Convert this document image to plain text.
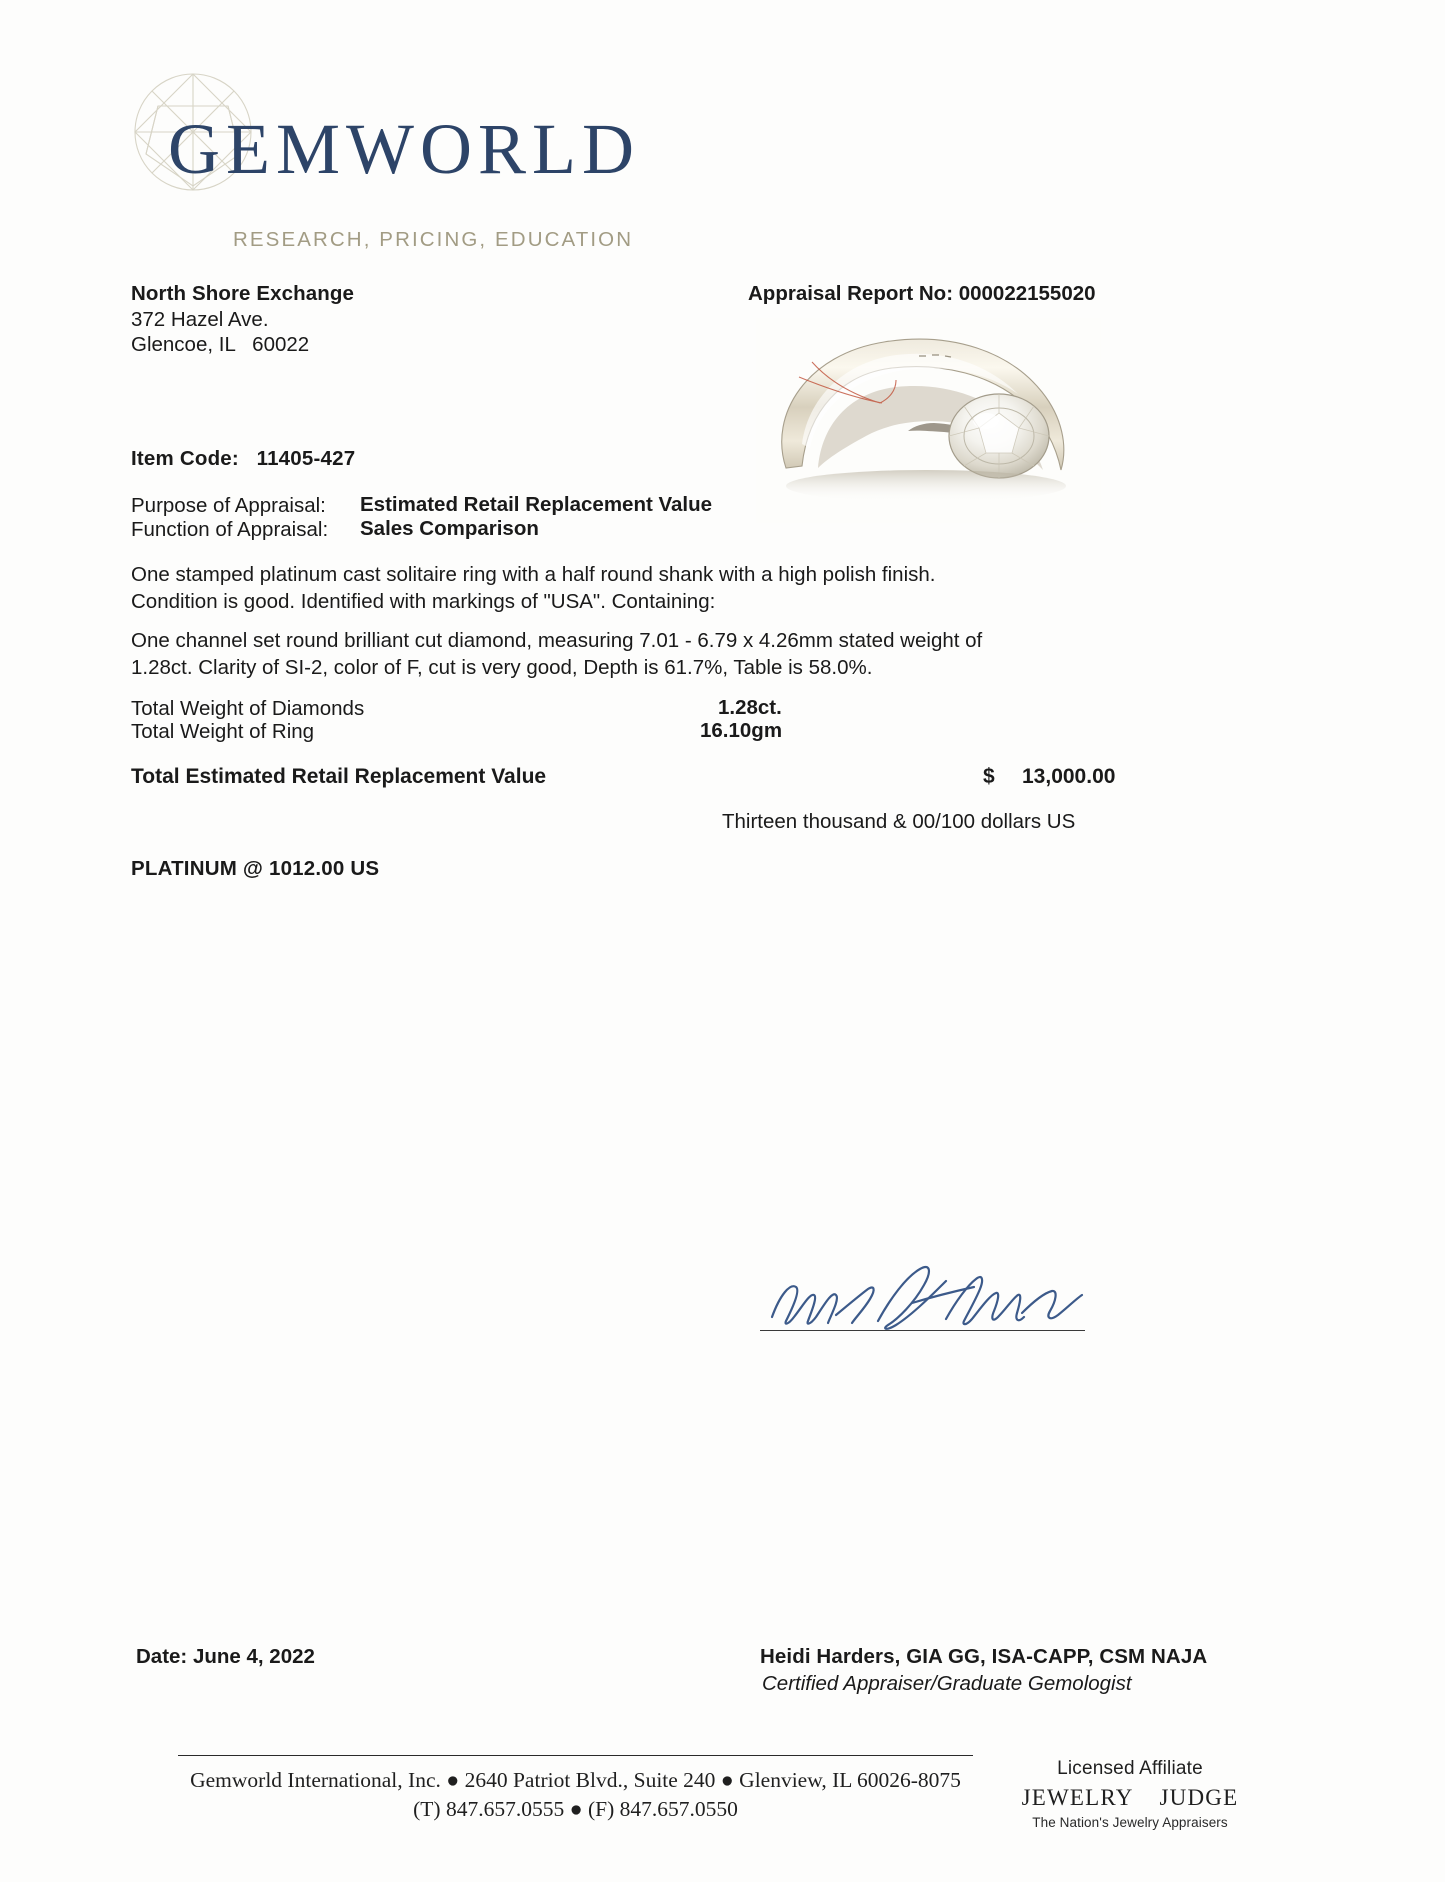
GEMWORLD
RESEARCH, PRICING, EDUCATION
North Shore Exchange
372 Hazel Ave.
Glencoe, IL   60022
Appraisal Report No: 000022155020
Item Code:   11405-427
Purpose of Appraisal: Estimated Retail Replacement Value
Function of Appraisal: Sales Comparison
One stamped platinum cast solitaire ring with a half round shank with a high polish finish. Condition is good. Identified with markings of "USA". Containing:
One channel set round brilliant cut diamond, measuring 7.01 - 6.79 x 4.26mm stated weight of 1.28ct. Clarity of SI-2, color of F, cut is very good, Depth is 61.7%, Table is 58.0%.
Total Weight of Diamonds	1.28ct.
Total Weight of Ring	16.10gm
Total Estimated Retail Replacement Value	$ 13,000.00
Thirteen thousand & 00/100 dollars US
PLATINUM @ 1012.00 US
Date: June 4, 2022	Heidi Harders, GIA GG, ISA-CAPP, CSM NAJA
Certified Appraiser/Graduate Gemologist
Gemworld International, Inc. ● 2640 Patriot Blvd., Suite 240 ● Glenview, IL 60026-8075
(T) 847.657.0555 ● (F) 847.657.0550
Licensed Affiliate
JEWELRY JUDGE
The Nation's Jewelry Appraisers
